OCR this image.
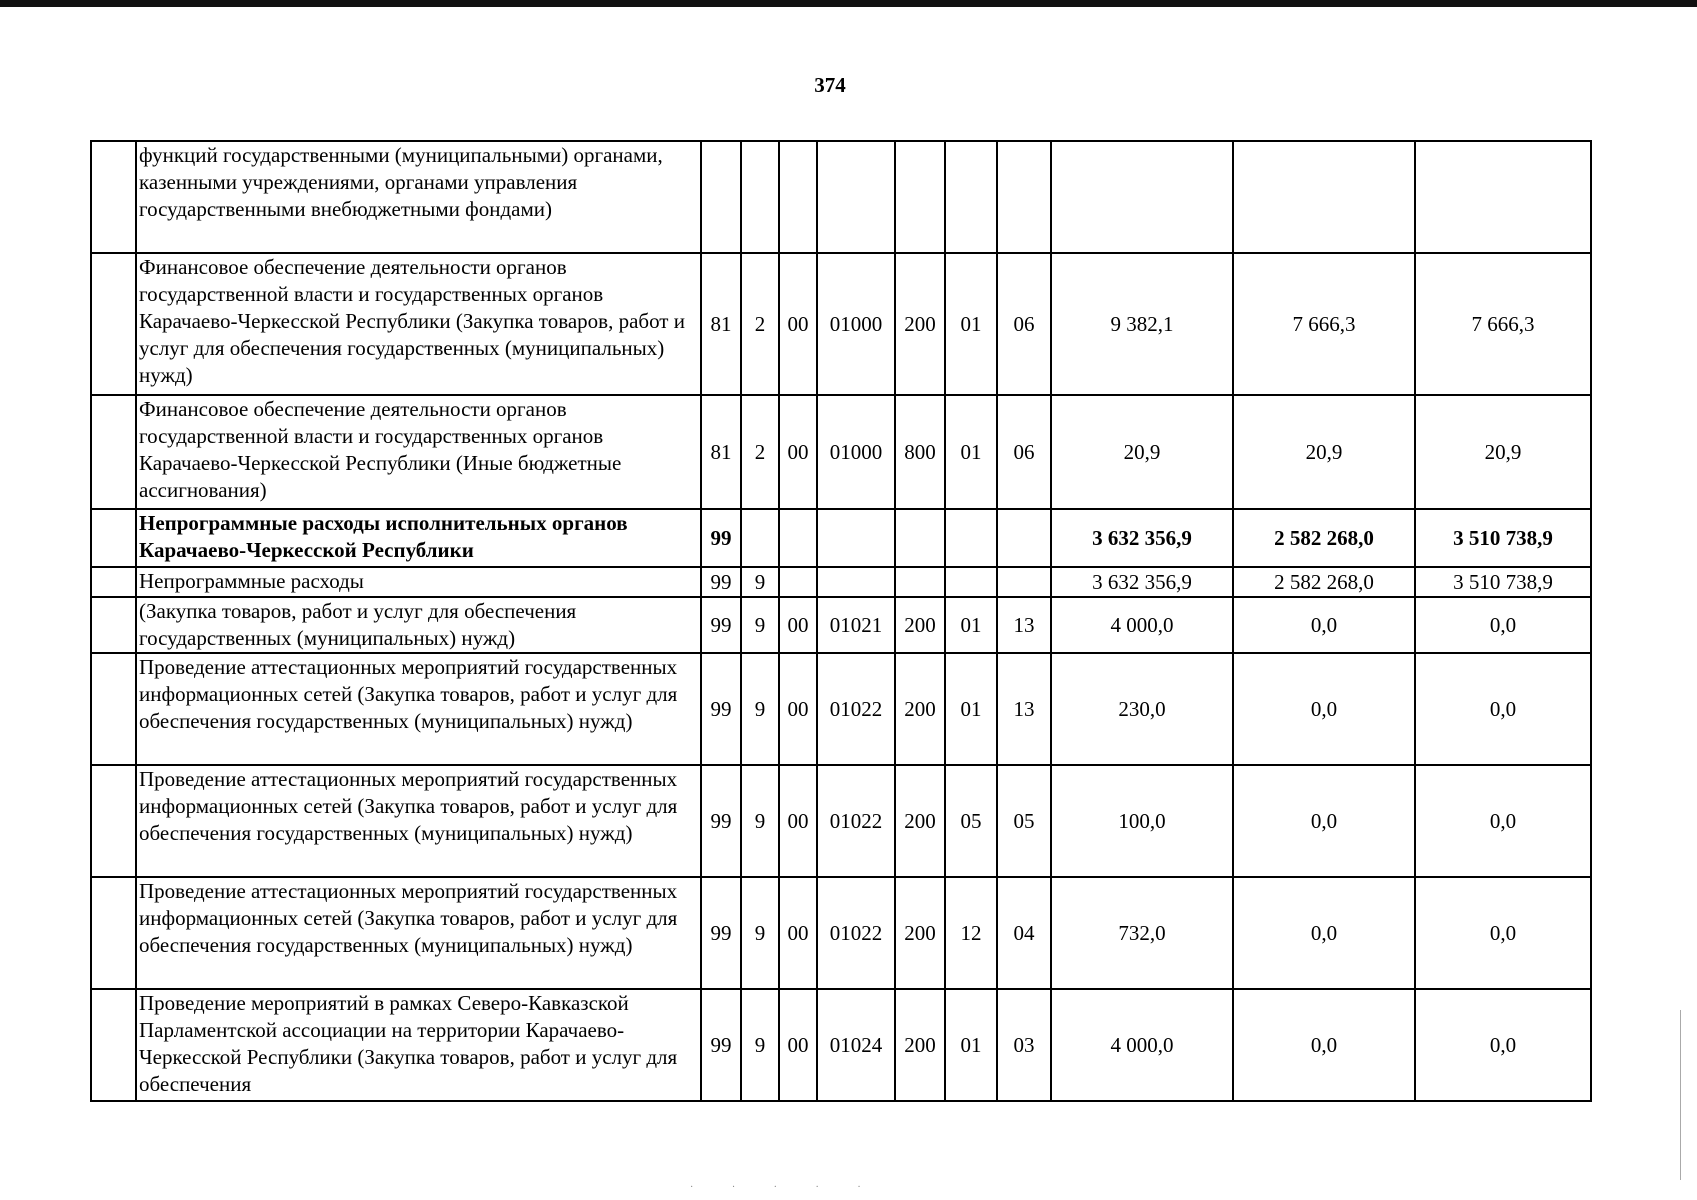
374
	функций государственными (муниципальными) органами, казенными учреждениями, органами управления государственными внебюджетными фондами)										
	Финансовое обеспечение деятельности органов государственной власти и государственных органов Карачаево-Черкесской Республики (Закупка товаров, работ и услуг для обеспечения государственных (муниципальных) нужд)	81	2	00	01000	200	01	06	9 382,1	7 666,3	7 666,3
	Финансовое обеспечение деятельности органов государственной власти и государственных органов Карачаево-Черкесской Республики (Иные бюджетные ассигнования)	81	2	00	01000	800	01	06	20,9	20,9	20,9
	Непрограммные расходы исполнительных органов Карачаево-Черкесской Республики	99							3 632 356,9	2 582 268,0	3 510 738,9
	Непрограммные расходы	99	9						3 632 356,9	2 582 268,0	3 510 738,9
	(Закупка товаров, работ и услуг для обеспечения государственных (муниципальных) нужд)	99	9	00	01021	200	01	13	4 000,0	0,0	0,0
	Проведение аттестационных мероприятий государственных информационных сетей (Закупка товаров, работ и услуг для обеспечения государственных (муниципальных) нужд)	99	9	00	01022	200	01	13	230,0	0,0	0,0
	Проведение аттестационных мероприятий государственных информационных сетей (Закупка товаров, работ и услуг для обеспечения государственных (муниципальных) нужд)	99	9	00	01022	200	05	05	100,0	0,0	0,0
	Проведение аттестационных мероприятий государственных информационных сетей (Закупка товаров, работ и услуг для обеспечения государственных (муниципальных) нужд)	99	9	00	01022	200	12	04	732,0	0,0	0,0
	Проведение мероприятий в рамках Северо-Кавказской Парламентской ассоциации на территории Карачаево-Черкесской Республики (Закупка товаров, работ и услуг для обеспечения	99	9	00	01024	200	01	03	4 000,0	0,0	0,0
· · · · ·
